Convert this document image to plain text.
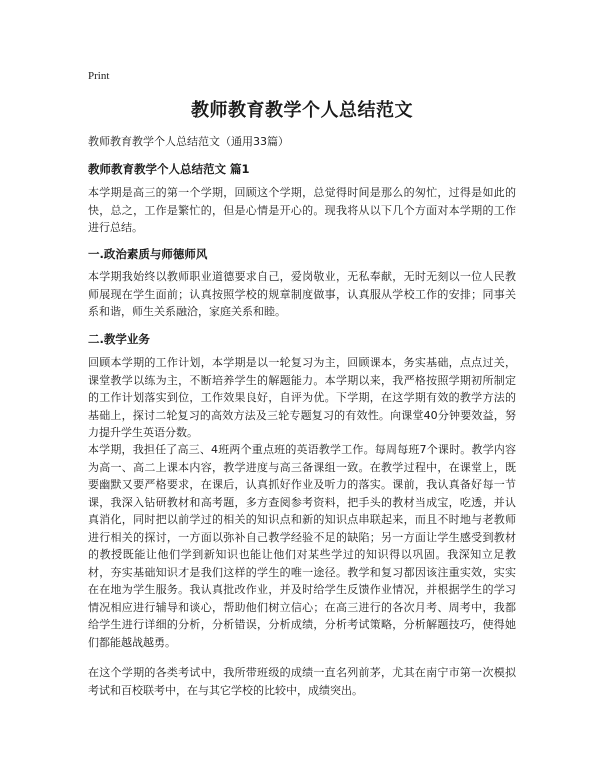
Print
教师教育教学个人总结范文
教师教育教学个人总结范文（通用33篇）
教师教育教学个人总结范文 篇1

本学期是高三的第一个学期，回顾这个学期，总觉得时间是那么的匆忙，过得是如此的快，总之，工作是繁忙的，但是心情是开心的。现我将从以下几个方面对本学期的工作进行总结。

一.政治素质与师德师风

本学期我始终以教师职业道德要求自己，爱岗敬业，无私奉献，无时无刻以一位人民教师展现在学生面前；认真按照学校的规章制度做事，认真服从学校工作的安排；同事关系和谐，师生关系融洽，家庭关系和睦。

二.教学业务

回顾本学期的工作计划，本学期是以一轮复习为主，回顾课本，务实基础，点点过关，课堂教学以练为主，不断培养学生的解题能力。本学期以来，我严格按照学期初所制定的工作计划落实到位，工作效果良好，自评为优。下学期，在这学期有效的教学方法的基础上，探讨二轮复习的高效方法及三轮专题复习的有效性。向课堂40分钟要效益，努力提升学生英语分数。

本学期，我担任了高三、4班两个重点班的英语教学工作。每周每班7个课时。教学内容为高一、高二上课本内容，教学进度与高三备课组一致。在教学过程中，在课堂上，既要幽默又要严格要求，在课后，认真抓好作业及听力的落实。课前，我认真备好每一节课，我深入钻研教材和高考题，多方查阅参考资料，把手头的教材当成宝，吃透，并认真消化，同时把以前学过的相关的知识点和新的知识点串联起来，而且不时地与老教师进行相关的探讨，一方面以弥补自己教学经验不足的缺陷；另一方面让学生感受到教材的教授既能让他们学到新知识也能让他们对某些学过的知识得以巩固。我深知立足教材，夯实基础知识才是我们这样的学生的唯一途径。教学和复习都因该注重实效，实实在在地为学生服务。我认真批改作业，并及时给学生反馈作业情况，并根据学生的学习情况相应进行辅导和谈心，帮助他们树立信心；在高三进行的各次月考、周考中，我都给学生进行详细的分析，分析错误，分析成绩，分析考试策略，分析解题技巧，使得她们都能越战越勇。

在这个学期的各类考试中，我所带班级的成绩一直名列前茅，尤其在南宁市第一次模拟考试和百校联考中，在与其它学校的比较中，成绩突出。
